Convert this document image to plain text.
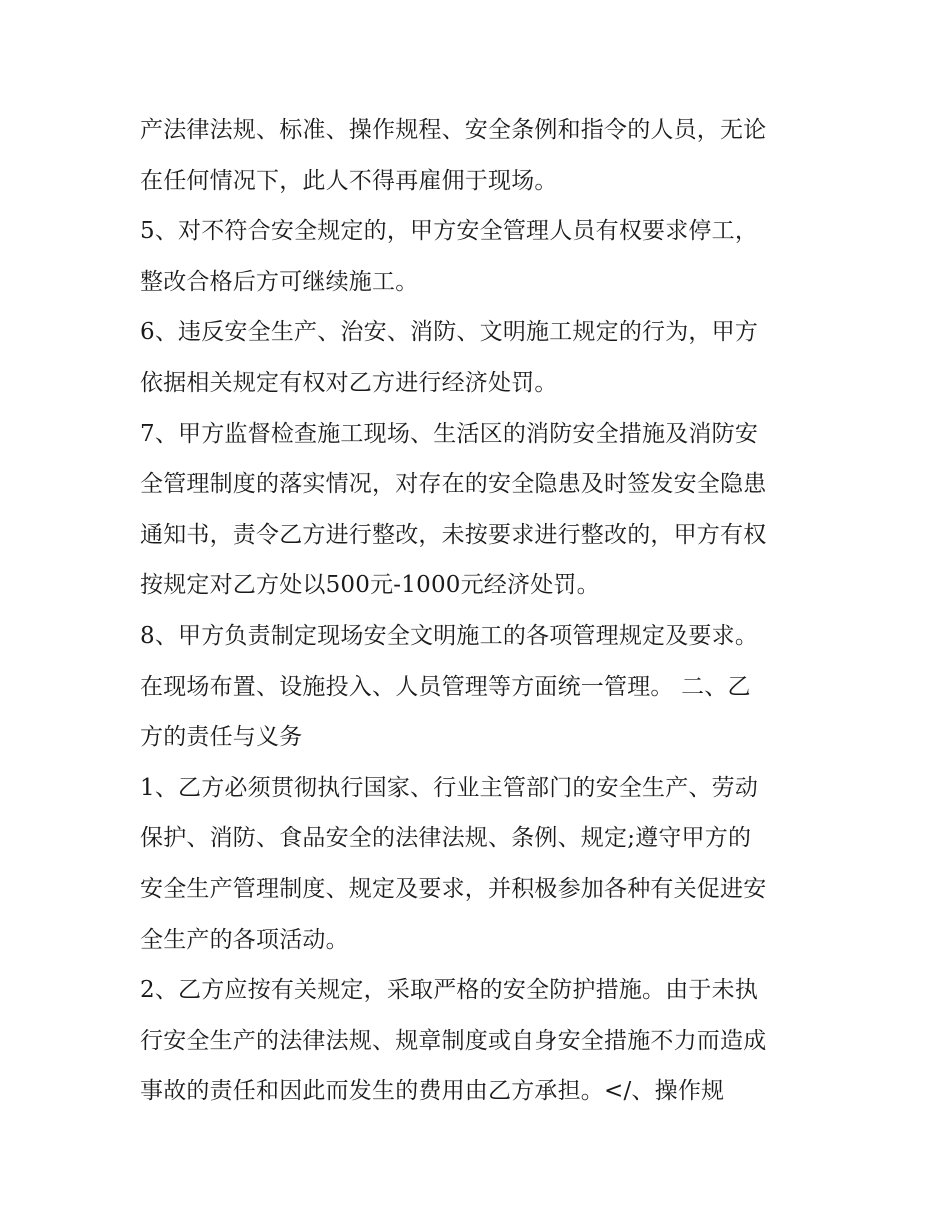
产法律法规、标准、操作规程、安全条例和指令的人员，无论
在任何情况下，此人不得再雇佣于现场。
5、对不符合安全规定的，甲方安全管理人员有权要求停工，
整改合格后方可继续施工。
6、违反安全生产、治安、消防、文明施工规定的行为，甲方
依据相关规定有权对乙方进行经济处罚。
7、甲方监督检查施工现场、生活区的消防安全措施及消防安
全管理制度的落实情况，对存在的安全隐患及时签发安全隐患
通知书，责令乙方进行整改，未按要求进行整改的，甲方有权
按规定对乙方处以500元-1000元经济处罚。
8、甲方负责制定现场安全文明施工的各项管理规定及要求。
在现场布置、设施投入、人员管理等方面统一管理。 二、乙
方的责任与义务
1、乙方必须贯彻执行国家、行业主管部门的安全生产、劳动
保护、消防、食品安全的法律法规、条例、规定;遵守甲方的
安全生产管理制度、规定及要求，并积极参加各种有关促进安
全生产的各项活动。
2、乙方应按有关规定，采取严格的安全防护措施。由于未执
行安全生产的法律法规、规章制度或自身安全措施不力而造成
事故的责任和因此而发生的费用由乙方承担。</、操作规
